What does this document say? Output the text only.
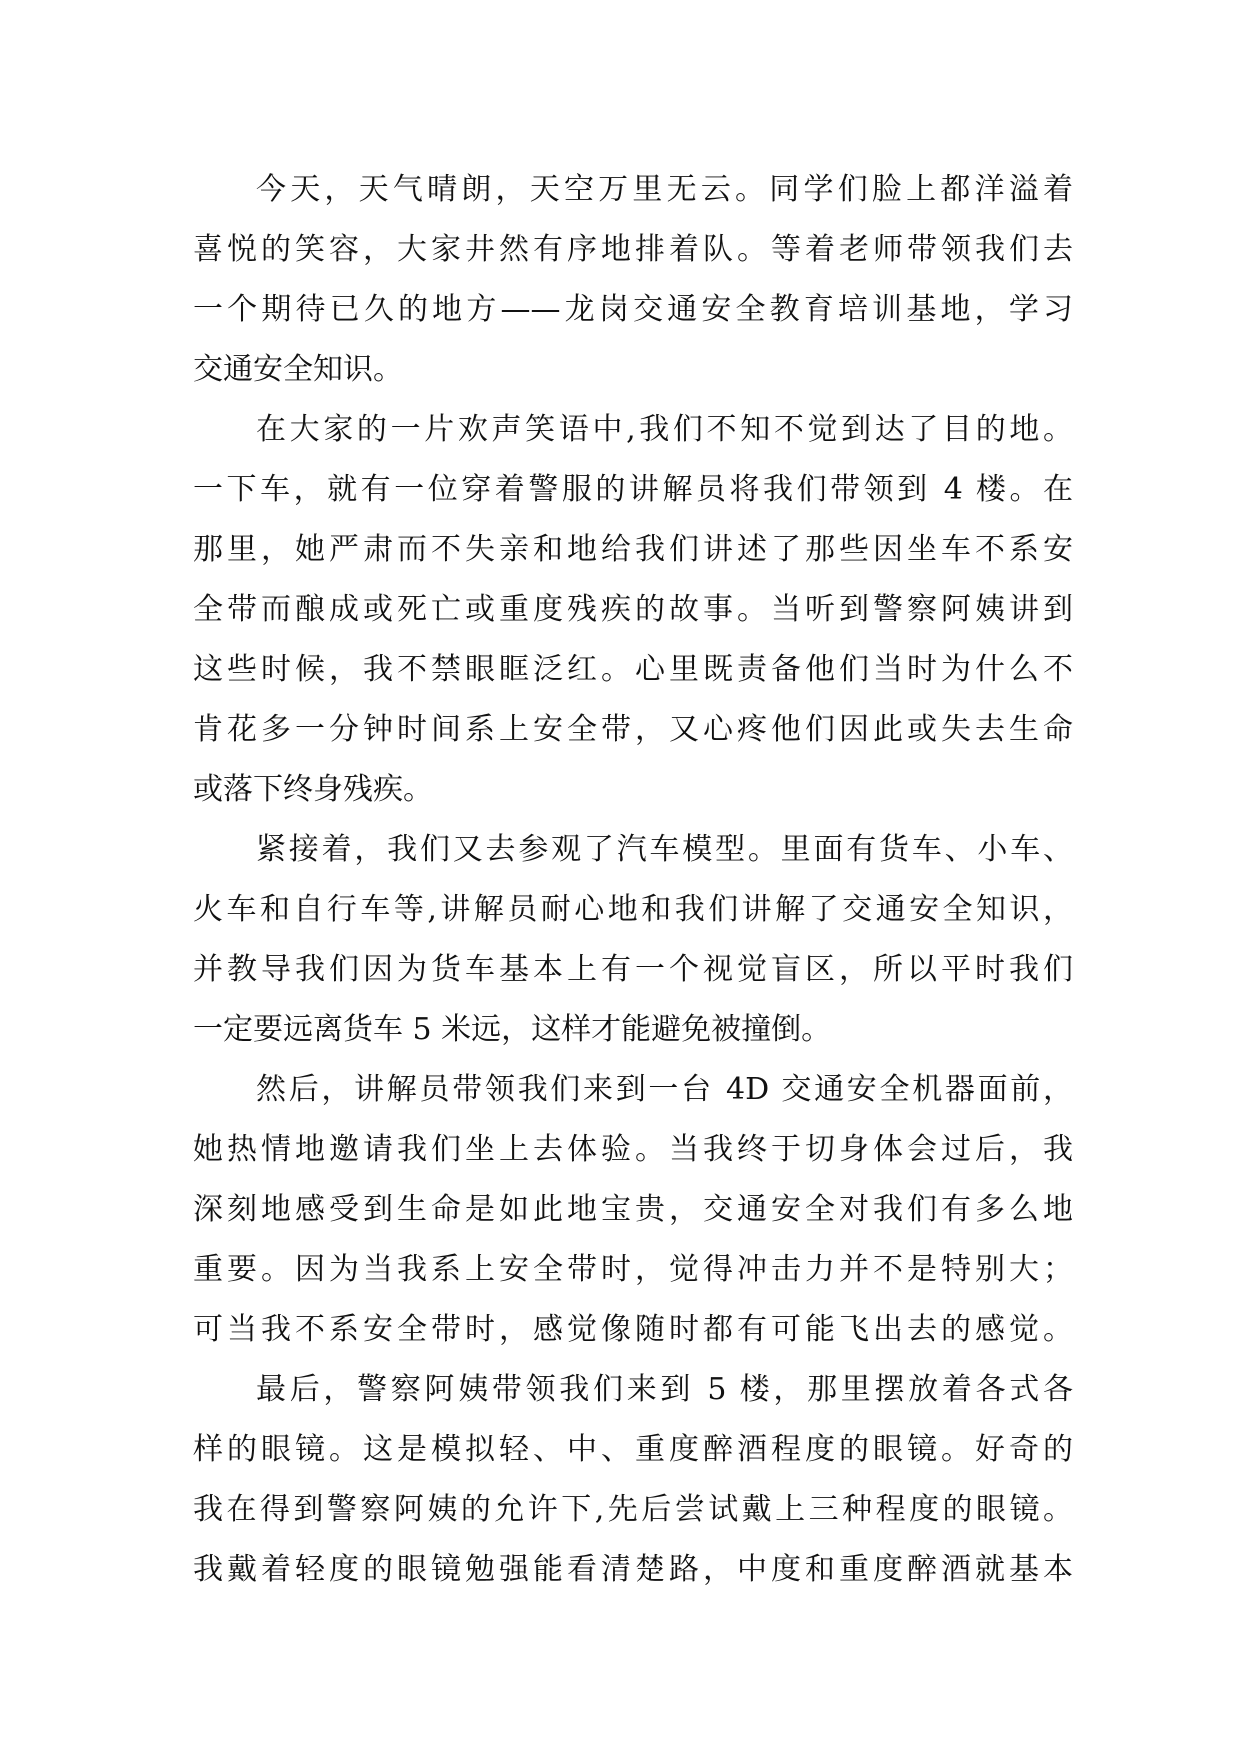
今天，天气晴朗，天空万里无云。同学们脸上都洋溢着
喜悦的笑容，大家井然有序地排着队。等着老师带领我们去
一个期待已久的地方——龙岗交通安全教育培训基地，学习
交通安全知识。
在大家的一片欢声笑语中,我们不知不觉到达了目的地。
一下车，就有一位穿着警服的讲解员将我们带领到 4 楼。在
那里，她严肃而不失亲和地给我们讲述了那些因坐车不系安
全带而酿成或死亡或重度残疾的故事。当听到警察阿姨讲到
这些时候，我不禁眼眶泛红。心里既责备他们当时为什么不
肯花多一分钟时间系上安全带，又心疼他们因此或失去生命
或落下终身残疾。
紧接着，我们又去参观了汽车模型。里面有货车、小车、
火车和自行车等,讲解员耐心地和我们讲解了交通安全知识，
并教导我们因为货车基本上有一个视觉盲区，所以平时我们
一定要远离货车 5 米远，这样才能避免被撞倒。
然后，讲解员带领我们来到一台 4D 交通安全机器面前，
她热情地邀请我们坐上去体验。当我终于切身体会过后，我
深刻地感受到生命是如此地宝贵，交通安全对我们有多么地
重要。因为当我系上安全带时，觉得冲击力并不是特别大；
可当我不系安全带时，感觉像随时都有可能飞出去的感觉。
最后，警察阿姨带领我们来到 5 楼，那里摆放着各式各
样的眼镜。这是模拟轻、中、重度醉酒程度的眼镜。好奇的
我在得到警察阿姨的允许下,先后尝试戴上三种程度的眼镜。
我戴着轻度的眼镜勉强能看清楚路，中度和重度醉酒就基本
